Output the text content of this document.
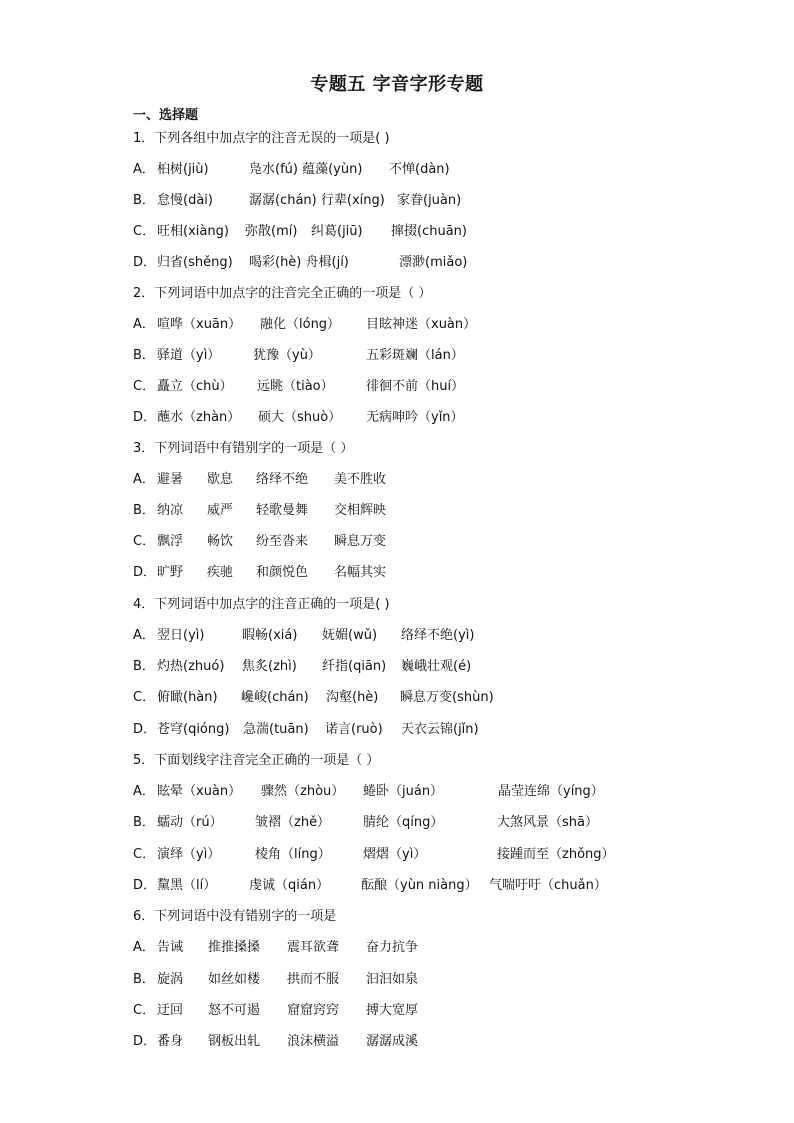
专题五 字音字形专题
一、选择题
1．下列各组中加点字的注音无误的一项是( )
A． 桕树(jiù)	凫水(fú) 蕴藻(yùn) 不惮(dàn)
B． 怠慢(dài)	潺潺(chán) 行辈(xíng) 家眷(juàn)
C． 旺相(xiàng) 弥散(mí) 纠葛(jiū) 撺掇(chuān)
D．归省(shěng) 喝彩(hè) 舟楫(jí)	漂渺(miǎo)
2．下列词语中加点字的注音完全正确的一项是（ ）
A． 喧哗（xuān） 融化（lóng） 目眩神迷（xuàn）
B． 驿道（yì）	犹豫（yù）	五彩斑斓（lán）
C． 矗立（chù） 远眺（tiào） 徘徊不前（huí）
D．蘸水（zhàn） 硕大（shuò） 无病呻吟（yǐn）
3．下列词语中有错别字的一项是（ ）
A． 避暑 歇息 络绎不绝 美不胜收
B． 纳凉 威严 轻歌曼舞 交相辉映
C． 飘浮 畅饮 纷至沓来 瞬息万变
D．旷野 疾驰 和颜悦色 名幅其实
4．下列词语中加点字的注音正确的一项是( )
A． 翌日(yì)	暇畅(xiá) 妩媚(wǔ) 络绎不绝(yì)
B． 灼热(zhuó) 焦炙(zhì) 纤指(qiān) 巍峨壮观(é)
C． 俯瞰(hàn) 巉峻(chán) 沟壑(hè) 瞬息万变(shùn)
D．苍穹(qióng) 急湍(tuān) 诺言(ruò) 天衣云锦(jǐn)
5．下面划线字注音完全正确的一项是（ ）
A． 眩晕（xuàn） 骤然（zhòu） 蜷卧（juán）	晶莹连绵（yíng）
B． 蠕动（rú） 皱褶（zhě）	腈纶（qíng）	大煞风景（shā）
C． 演绎（yì）	棱角（líng） 熠熠（yì）	接踵而至（zhǒng）
D．黧黑（lí）	虔诚（qián） 酝酿（yùn niàng） 气喘吁吁（chuǎn）
6．下列词语中没有错别字的一项是
A． 告诫 推推搡搡 震耳欲聋 奋力抗争
B． 旋涡 如丝如楼 拱而不服 汩汩如泉
C． 迂回 怒不可遏 窟窟窍窍 搏大宽厚
D．番身 钢板出轧 浪沫横溢 潺潺成溪
